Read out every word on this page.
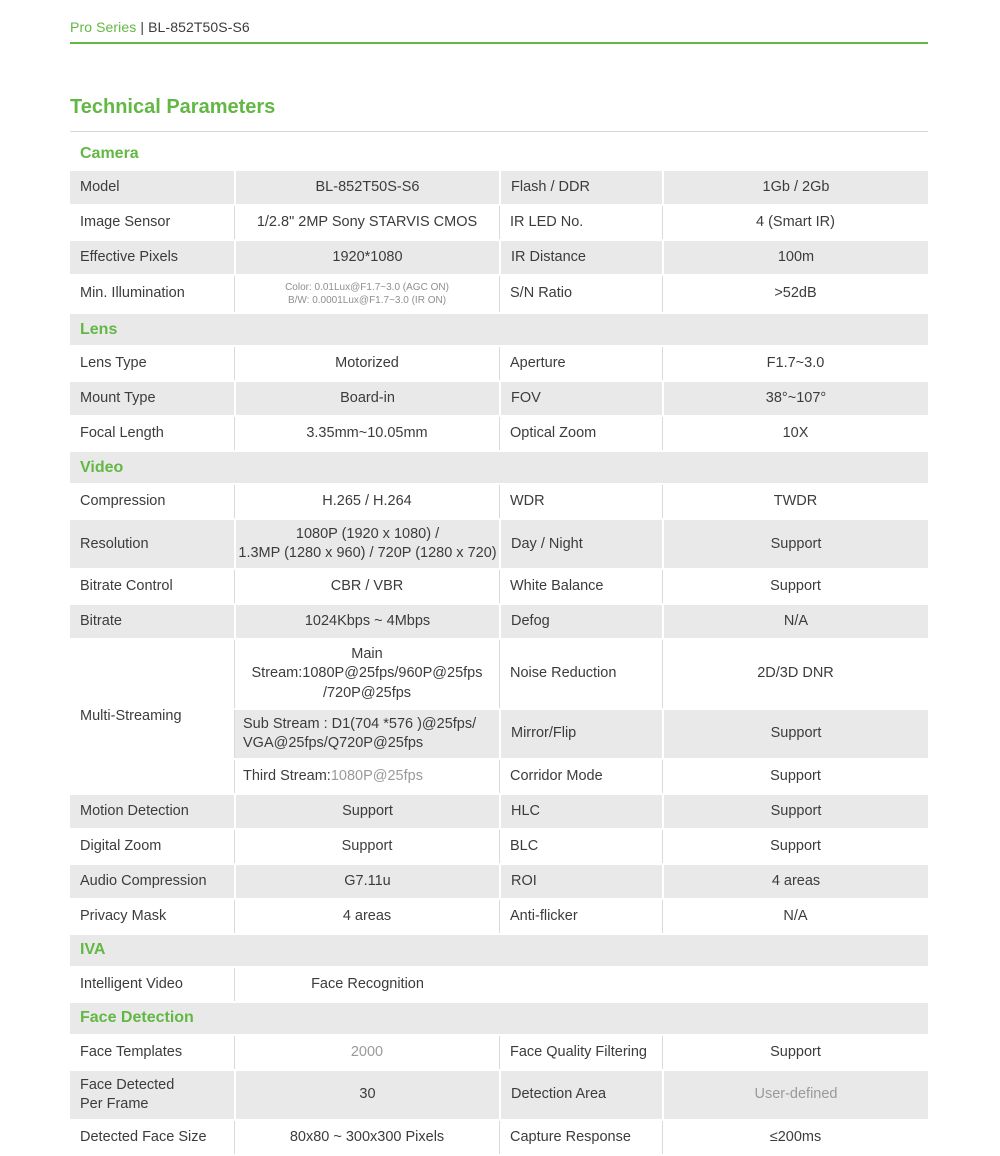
Pro Series | BL-852T50S-S6
Technical Parameters
Camera
Model	BL-852T50S-S6	Flash / DDR	1Gb / 2Gb
Image Sensor	1/2.8" 2MP Sony STARVIS CMOS	IR LED No.	4 (Smart IR)
Effective Pixels	1920*1080	IR Distance	100m
Min. Illumination	Color: 0.01Lux@F1.7~3.0 (AGC ON)
B/W: 0.0001Lux@F1.7~3.0 (IR ON)	S/N Ratio	>52dB
Lens
Lens Type	Motorized	Aperture	F1.7~3.0
Mount Type	Board-in	FOV	38°~107°
Focal Length	3.35mm~10.05mm	Optical Zoom	10X
Video
Compression	H.265 / H.264	WDR	TWDR
Resolution	1080P (1920 x 1080) /
1.3MP (1280 x 960) / 720P (1280 x 720)	Day / Night	Support
Bitrate Control	CBR / VBR	White Balance	Support
Bitrate	1024Kbps ~ 4Mbps	Defog	N/A
Multi-Streaming	Main Stream:1080P@25fps/960P@25fps
/720P@25fps	Noise Reduction	2D/3D DNR

	Sub Stream : D1(704 *576 )@25fps/
VGA@25fps/Q720P@25fps	Mirror/Flip	Support
	Third Stream:1080P@25fps	Corridor Mode	Support
Motion Detection	Support	HLC	Support
Digital Zoom	Support	BLC	Support
Audio Compression	G7.11u	ROI	4 areas
Privacy Mask	4 areas	Anti-flicker	N/A
IVA
Intelligent Video	Face Recognition
Face Detection
Face Templates	2000	Face Quality Filtering	Support

Face Detected
Per Frame	30	Detection Area	User-defined
Detected Face Size	80x80 ~ 300x300 Pixels	Capture Response	≤200ms
